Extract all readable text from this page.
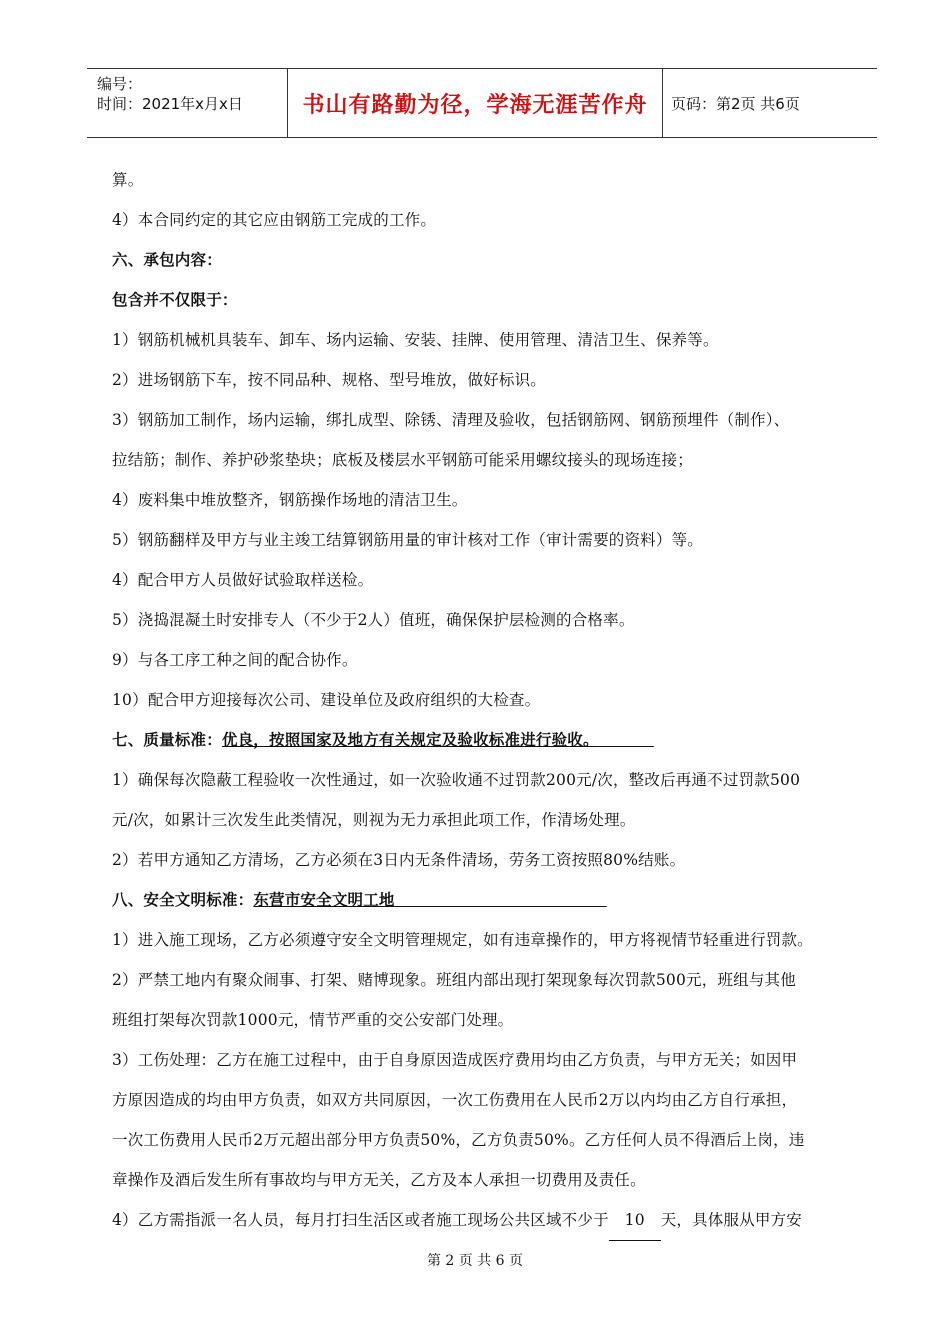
编号：
时间：2021年x月x日	书山有路勤为径，学海无涯苦作舟 页码：第2页 共6页
算。
4）本合同约定的其它应由钢筋工完成的工作。
六、承包内容：
包含并不仅限于：
1）钢筋机械机具装车、卸车、场内运输、安装、挂牌、使用管理、清洁卫生、保养等。
2）进场钢筋下车，按不同品种、规格、型号堆放，做好标识。
3）钢筋加工制作，场内运输，绑扎成型、除锈、清理及验收，包括钢筋网、钢筋预埋件（制作）、
拉结筋；制作、养护砂浆垫块；底板及楼层水平钢筋可能采用螺纹接头的现场连接；
4）废料集中堆放整齐，钢筋操作场地的清洁卫生。
5）钢筋翻样及甲方与业主竣工结算钢筋用量的审计核对工作（审计需要的资料）等。
4）配合甲方人员做好试验取样送检。
5）浇捣混凝土时安排专人（不少于2人）值班，确保保护层检测的合格率。
9）与各工序工种之间的配合协作。
10）配合甲方迎接每次公司、建设单位及政府组织的大检查。
七、质量标准：优良，按照国家及地方有关规定及验收标准进行验收。    
1）确保每次隐蔽工程验收一次性通过，如一次验收通不过罚款200元/次，整改后再通不过罚款500
元/次，如累计三次发生此类情况，则视为无力承担此项工作，作清场处理。
2）若甲方通知乙方清场，乙方必须在3日内无条件清场，劳务工资按照80%结账。
八、安全文明标准：东营市安全文明工地              
1）进入施工现场，乙方必须遵守安全文明管理规定，如有违章操作的，甲方将视情节轻重进行罚款。
2）严禁工地内有聚众闹事、打架、赌博现象。班组内部出现打架现象每次罚款500元，班组与其他
班组打架每次罚款1000元，情节严重的交公安部门处理。
3）工伤处理：乙方在施工过程中，由于自身原因造成医疗费用均由乙方负责，与甲方无关；如因甲
方原因造成的均由甲方负责，如双方共同原因，一次工伤费用在人民币2万以内均由乙方自行承担，
一次工伤费用人民币2万元超出部分甲方负责50%，乙方负责50%。乙方任何人员不得酒后上岗，违
章操作及酒后发生所有事故均与甲方无关，乙方及本人承担一切费用及责任。
4）乙方需指派一名人员，每月打扫生活区或者施工现场公共区域不少于   10   天，具体服从甲方安
第 2 页 共 6 页
